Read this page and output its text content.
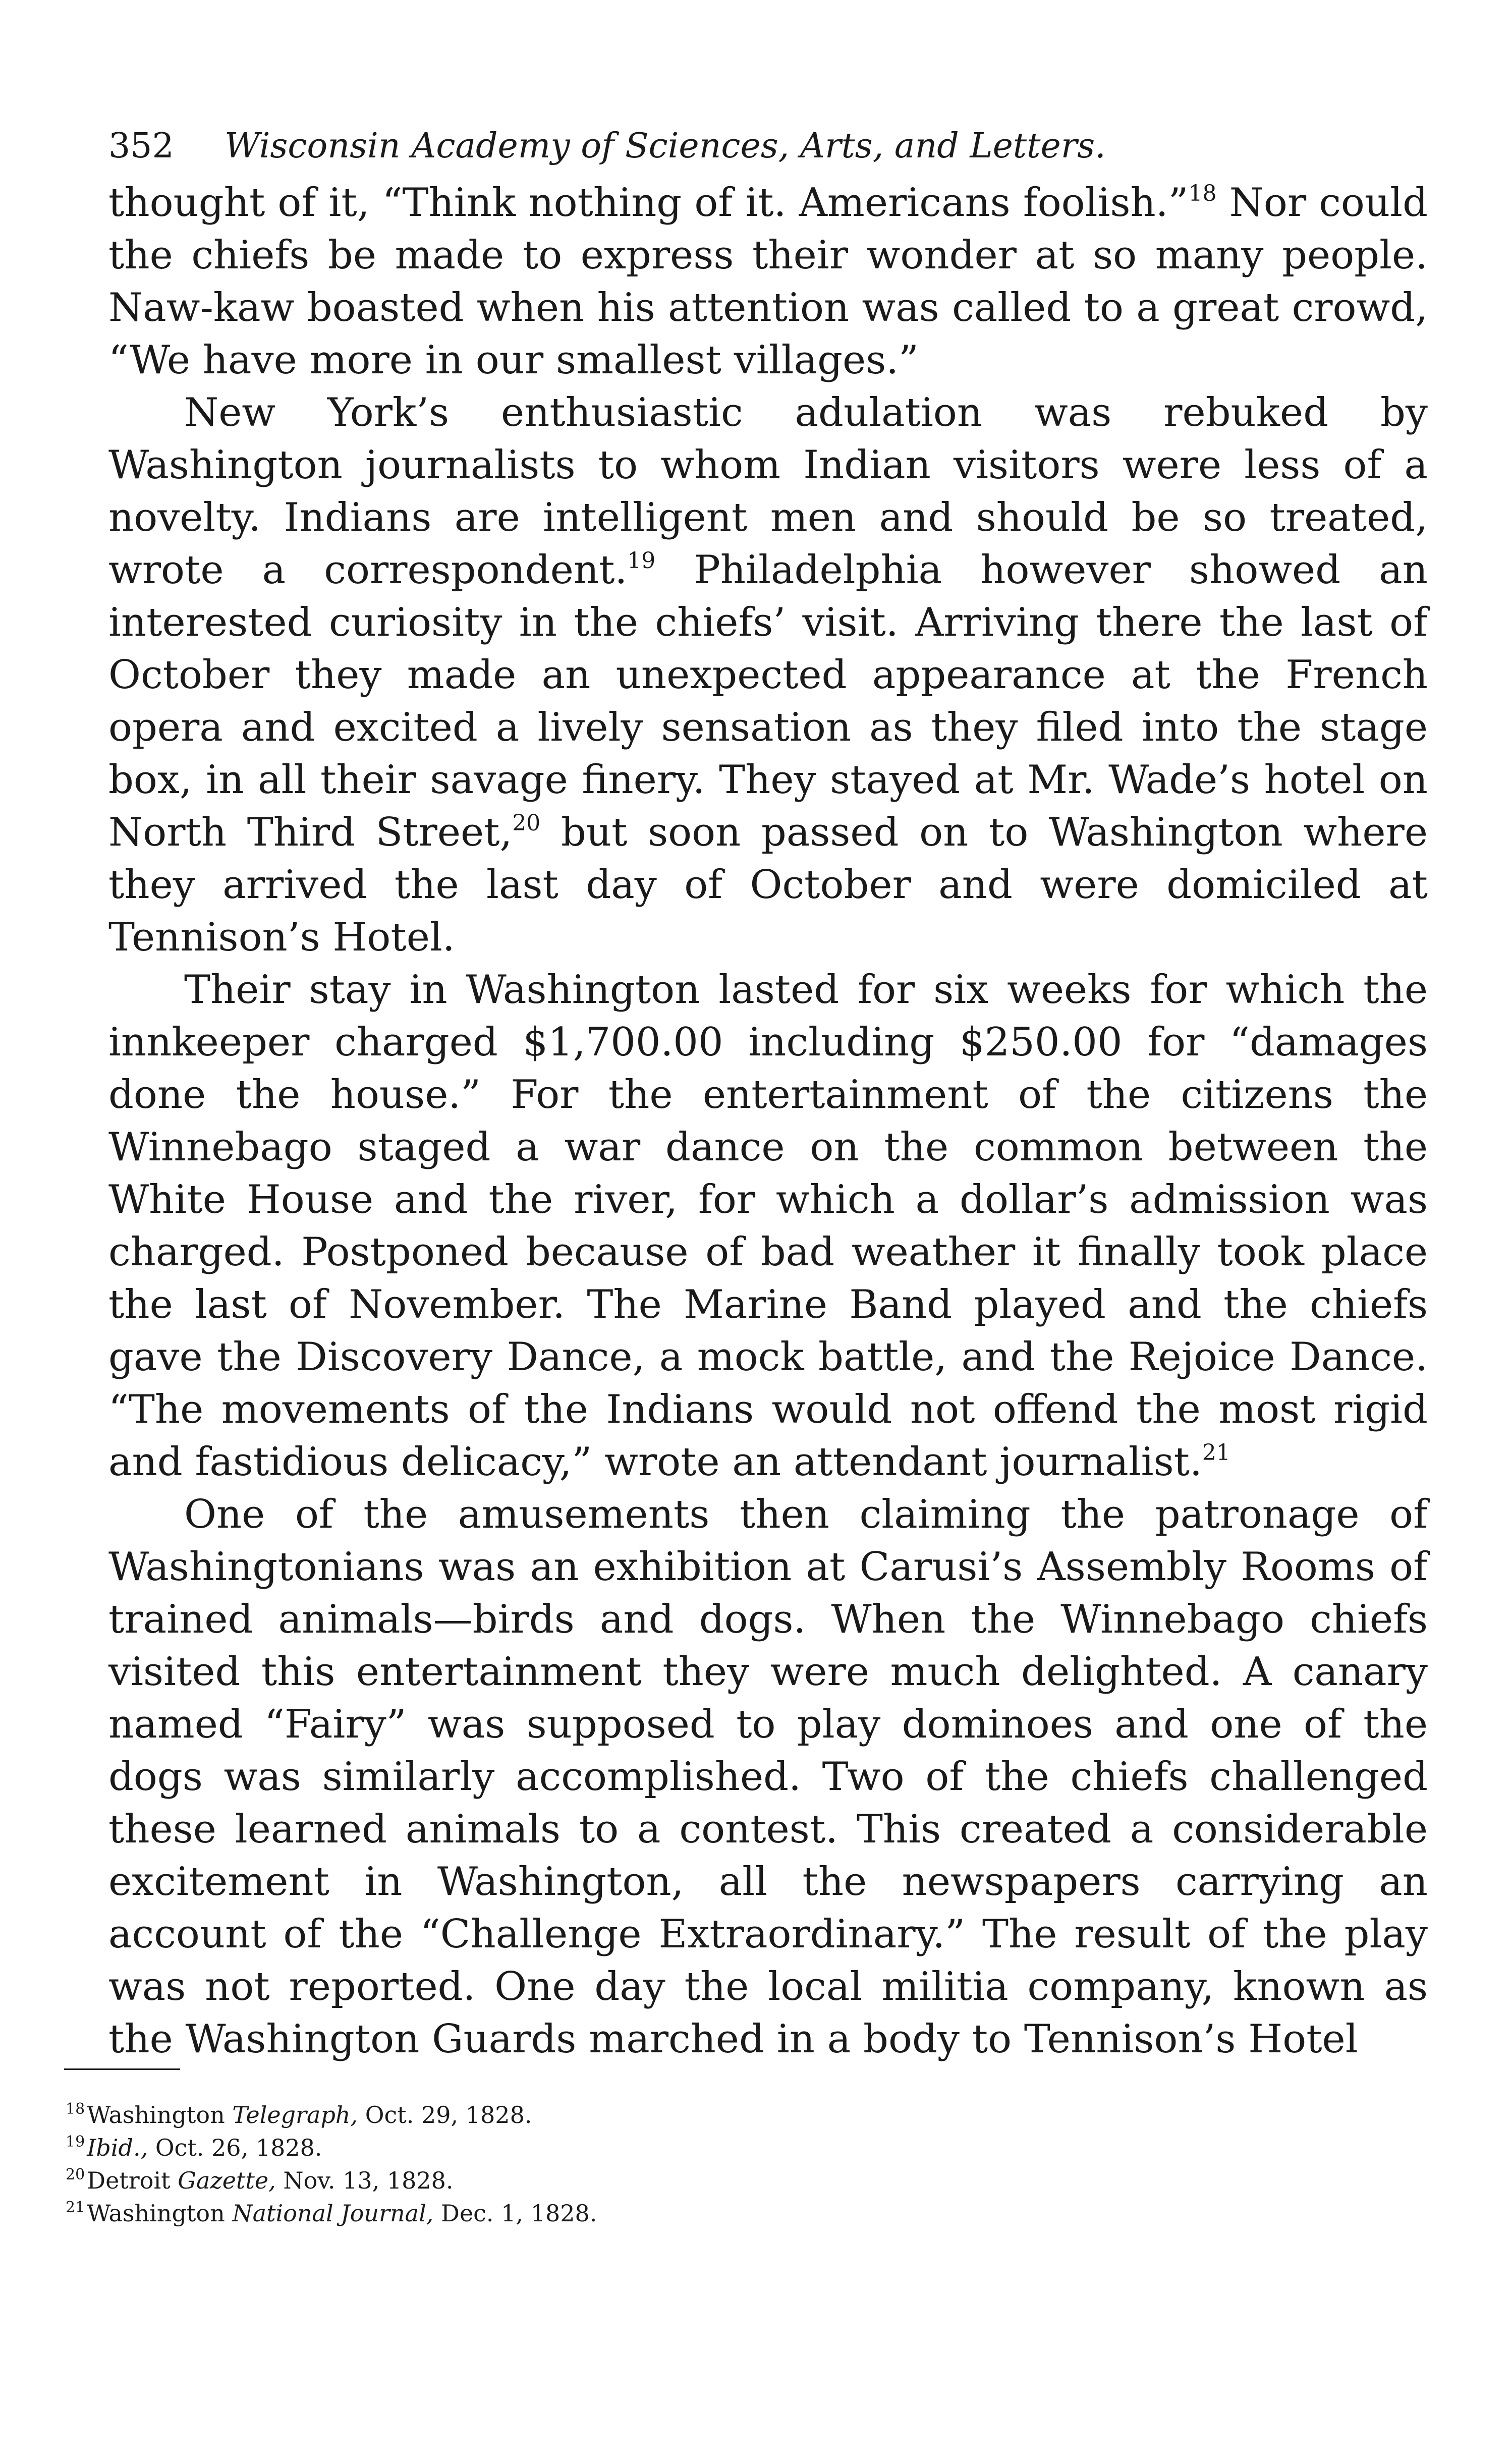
352 Wisconsin Academy of Sciences, Arts, and Letters.

thought of it, “Think nothing of it. Americans foolish.”$^{18}$ Nor could the chiefs be made to express their wonder at so many people. Naw-kaw boasted when his attention was called to a great crowd, “We have more in our smallest villages.”

New York’s enthusiastic adulation was rebuked by Washington journalists to whom Indian visitors were less of a novelty. Indians are intelligent men and should be so treated, wrote a correspondent.$^{19}$ Philadelphia however showed an interested curiosity in the chiefs’ visit. Arriving there the last of October they made an unexpected appearance at the French opera and excited a lively sensation as they filed into the stage box, in all their savage finery. They stayed at Mr. Wade’s hotel on North Third Street,$^{20}$ but soon passed on to Washington where they arrived the last day of October and were domiciled at Tennison’s Hotel.

Their stay in Washington lasted for six weeks for which the innkeeper charged $1,700.00 including $250.00 for “damages done the house.” For the entertainment of the citizens the Winnebago staged a war dance on the common between the White House and the river, for which a dollar’s admission was charged. Postponed because of bad weather it finally took place the last of November. The Marine Band played and the chiefs gave the Discovery Dance, a mock battle, and the Rejoice Dance. “The movements of the Indians would not offend the most rigid and fastidious delicacy,” wrote an attendant journalist.$^{21}$

One of the amusements then claiming the patronage of Washingtonians was an exhibition at Carusi’s Assembly Rooms of trained animals—birds and dogs. When the Winnebago chiefs visited this entertainment they were much delighted. A canary named “Fairy” was supposed to play dominoes and one of the dogs was similarly accomplished. Two of the chiefs challenged these learned animals to a contest. This created a considerable excitement in Washington, all the newspapers carrying an account of the “Challenge Extraordinary.” The result of the play was not reported. One day the local militia company, known as the Washington Guards marched in a body to Tennison’s Hotel

$^{18}$Washington Telegraph, Oct. 29, 1828.
$^{19}$Ibid., Oct. 26, 1828.
$^{20}$Detroit Gazette, Nov. 13, 1828.
$^{21}$Washington National Journal, Dec. 1, 1828.
